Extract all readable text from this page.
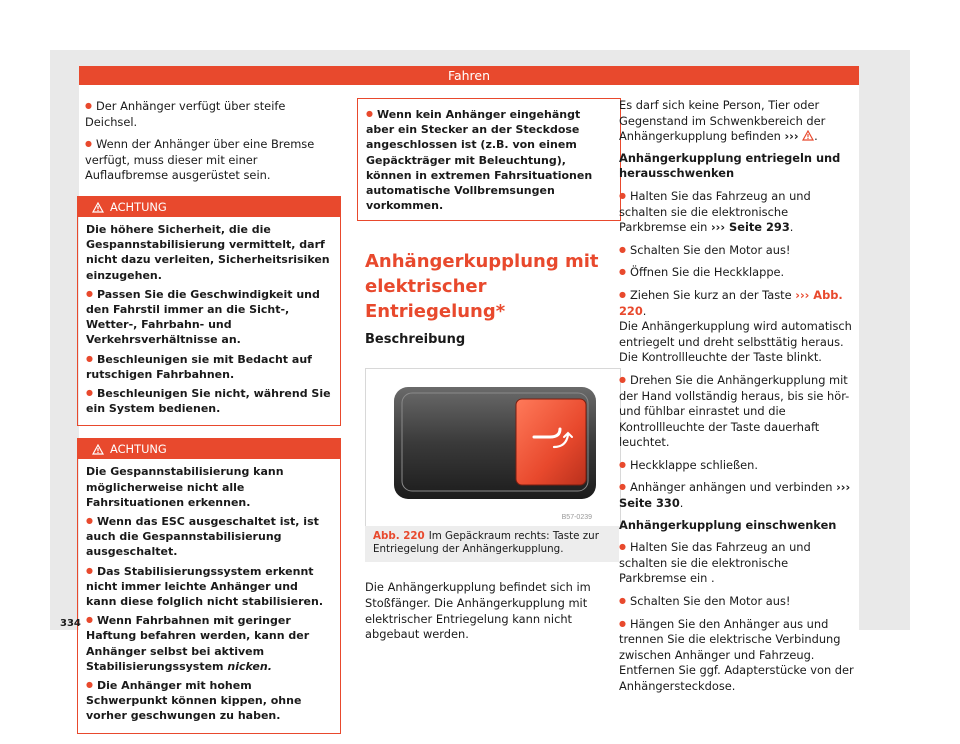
Fahren

● Der Anhänger verfügt über steife Deichsel.

● Wenn der Anhänger über eine Bremse verfügt, muss dieser mit einer Auflaufbremse ausgerüstet sein.

ACHTUNG

Die höhere Sicherheit, die die Gespannstabilisierung vermittelt, darf nicht dazu verleiten, Sicherheitsrisiken einzugehen.

● Passen Sie die Geschwindigkeit und den Fahrstil immer an die Sicht-, Wetter-, Fahrbahn- und Verkehrsverhältnisse an.

● Beschleunigen sie mit Bedacht auf rutschigen Fahrbahnen.

● Beschleunigen Sie nicht, während Sie ein System bedienen.

ACHTUNG

Die Gespannstabilisierung kann möglicherweise nicht alle Fahrsituationen erkennen.

● Wenn das ESC ausgeschaltet ist, ist auch die Gespannstabilisierung ausgeschaltet.

● Das Stabilisierungssystem erkennt nicht immer leichte Anhänger und kann diese folglich nicht stabilisieren.

● Wenn Fahrbahnen mit geringer Haftung befahren werden, kann der Anhänger selbst bei aktivem Stabilisierungssystem nicken.

● Die Anhänger mit hohem Schwerpunkt können kippen, ohne vorher geschwungen zu haben.

● Wenn kein Anhänger eingehängt aber ein Stecker an der Steckdose angeschlossen ist (z.B. von einem Gepäckträger mit Beleuchtung), können in extremen Fahrsituationen automatische Vollbremsungen vorkommen.

Anhängerkupplung mit elektrischer Entriegelung*
Beschreibung
B57-0239
Abb. 220 Im Gepäckraum rechts: Taste zur Entriegelung der Anhängerkupplung.

Die Anhängerkupplung befindet sich im Stoßfänger. Die Anhängerkupplung mit elektrischer Entriegelung kann nicht abgebaut werden.

Es darf sich keine Person, Tier oder Gegenstand im Schwenkbereich der Anhängerkupplung befinden ››› .

Anhängerkupplung entriegeln und herausschwenken

● Halten Sie das Fahrzeug an und schalten sie die elektronische Parkbremse ein ››› Seite 293.

● Schalten Sie den Motor aus!

● Öffnen Sie die Heckklappe.

● Ziehen Sie kurz an der Taste ››› Abb. 220.

Die Anhängerkupplung wird automatisch entriegelt und dreht selbsttätig heraus. Die Kontrollleuchte der Taste blinkt.

● Drehen Sie die Anhängerkupplung mit der Hand vollständig heraus, bis sie hör- und fühlbar einrastet und die Kontrollleuchte der Taste dauerhaft leuchtet.

● Heckklappe schließen.

● Anhänger anhängen und verbinden ››› Seite 330.

Anhängerkupplung einschwenken

● Halten Sie das Fahrzeug an und schalten sie die elektronische Parkbremse ein .

● Schalten Sie den Motor aus!

● Hängen Sie den Anhänger aus und trennen Sie die elektrische Verbindung zwischen Anhänger und Fahrzeug. Entfernen Sie ggf. Adapterstücke von der Anhängersteckdose.

334
